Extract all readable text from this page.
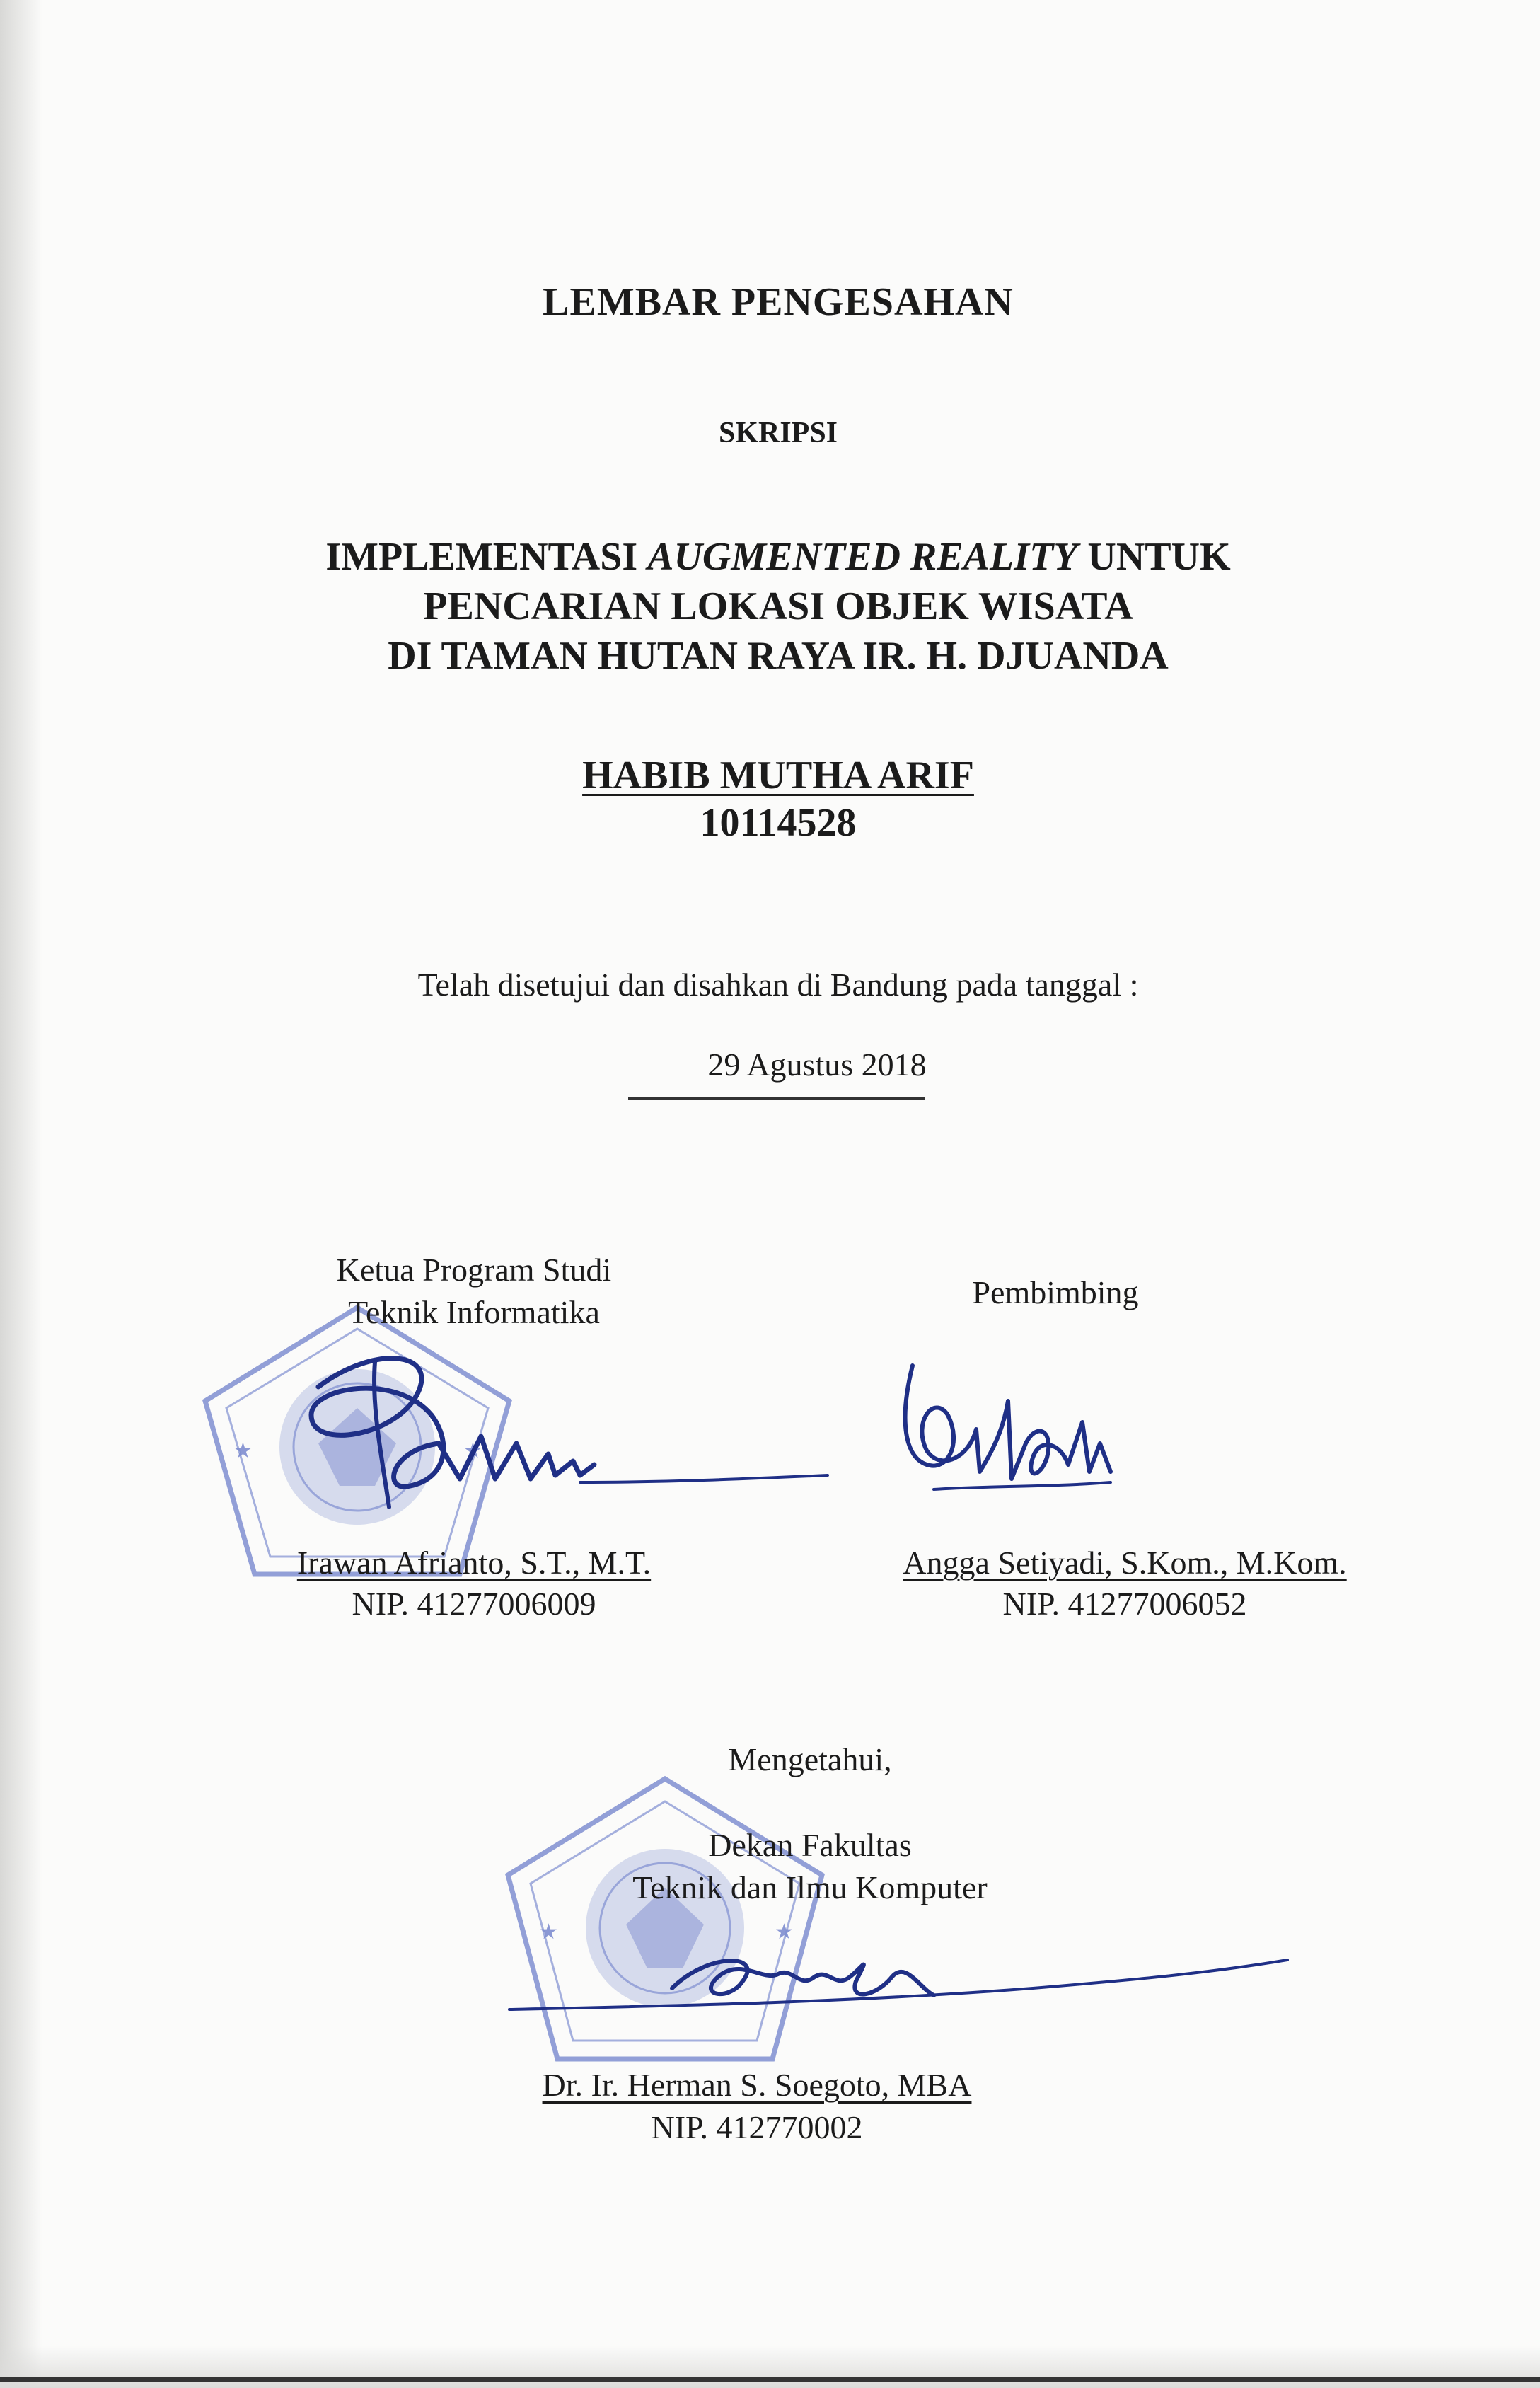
LEMBAR PENGESAHAN
SKRIPSI
IMPLEMENTASI AUGMENTED REALITY UNTUK
PENCARIAN LOKASI OBJEK WISATA
DI TAMAN HUTAN RAYA IR. H. DJUANDA
HABIB MUTHA ARIF
10114528
Telah disetujui dan disahkan di Bandung pada tanggal :
29 Agustus 2018
★	★
★	★
Ketua Program Studi
Teknik Informatika
Irawan Afrianto, S.T., M.T.
NIP. 41277006009
Pembimbing
Angga Setiyadi, S.Kom., M.Kom.
NIP. 41277006052
Mengetahui,
Dekan Fakultas
Teknik dan Ilmu Komputer
Dr. Ir. Herman S. Soegoto, MBA
NIP. 412770002
